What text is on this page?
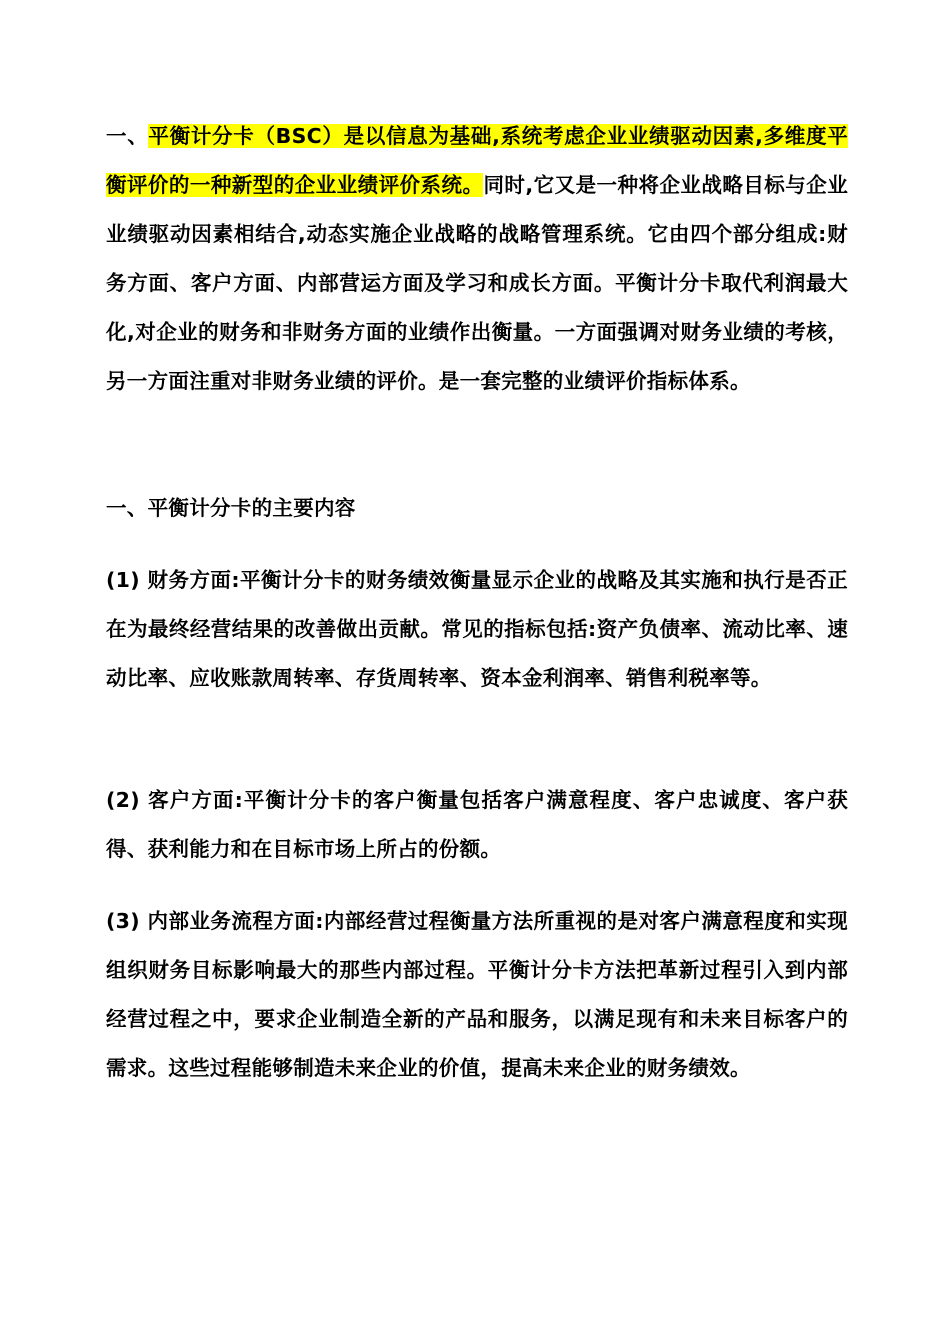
一、平衡计分卡（BSC）是以信息为基础,系统考虑企业业绩驱动因素,多维度平衡评价的一种新型的企业业绩评价系统。同时,它又是一种将企业战略目标与企业业绩驱动因素相结合,动态实施企业战略的战略管理系统。它由四个部分组成:财务方面、客户方面、内部营运方面及学习和成长方面。平衡计分卡取代利润最大化,对企业的财务和非财务方面的业绩作出衡量。一方面强调对财务业绩的考核，另一方面注重对非财务业绩的评价。是一套完整的业绩评价指标体系。

一、平衡计分卡的主要内容

(1) 财务方面:平衡计分卡的财务绩效衡量显示企业的战略及其实施和执行是否正在为最终经营结果的改善做出贡献。常见的指标包括:资产负债率、流动比率、速动比率、应收账款周转率、存货周转率、资本金利润率、销售利税率等。

(2) 客户方面:平衡计分卡的客户衡量包括客户满意程度、客户忠诚度、客户获得、获利能力和在目标市场上所占的份额。

(3) 内部业务流程方面:内部经营过程衡量方法所重视的是对客户满意程度和实现组织财务目标影响最大的那些内部过程。平衡计分卡方法把革新过程引入到内部经营过程之中，要求企业制造全新的产品和服务，以满足现有和未来目标客户的需求。这些过程能够制造未来企业的价值，提高未来企业的财务绩效。
